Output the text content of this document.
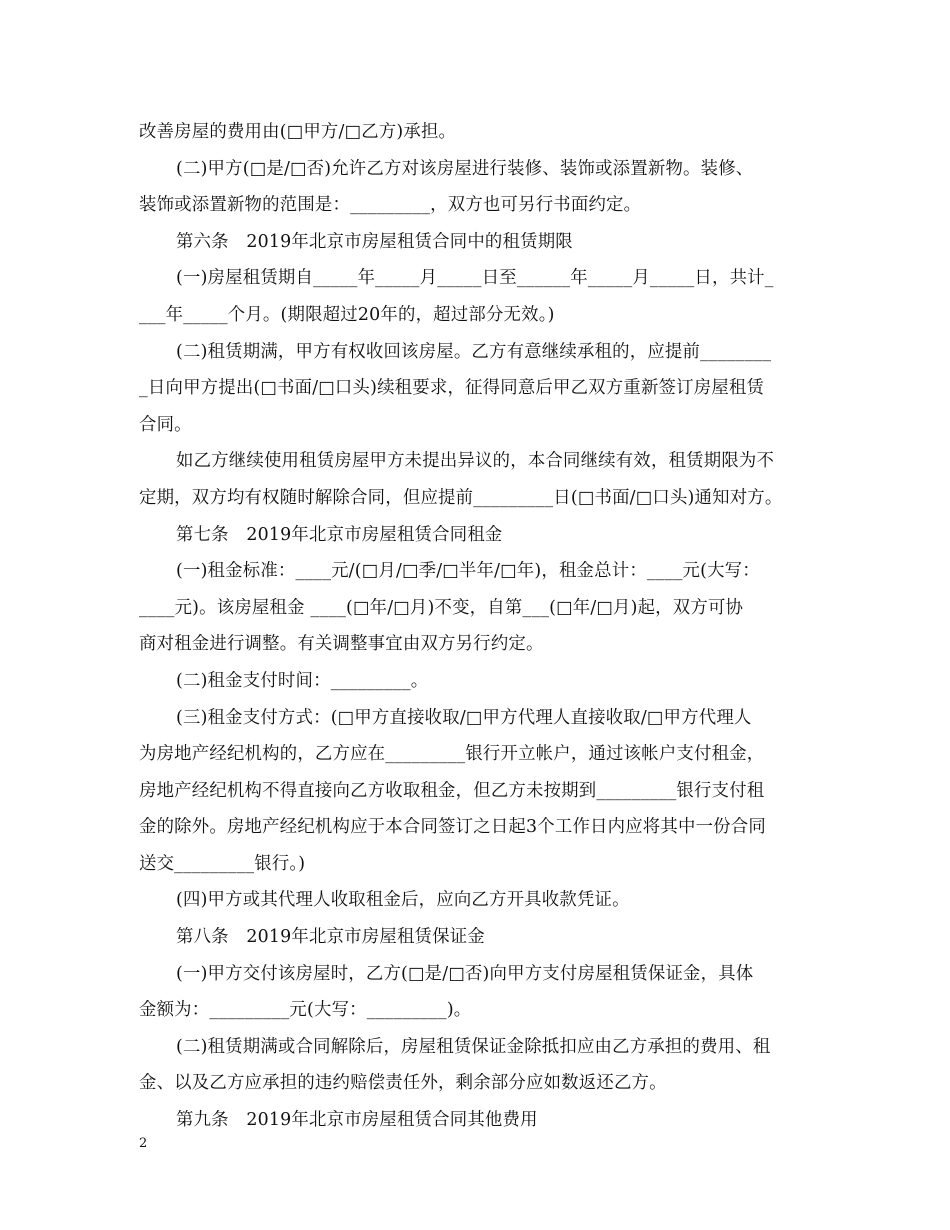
改善房屋的费用由(□甲方/□乙方)承担。
(二)甲方(□是/□否)允许乙方对该房屋进行装修、装饰或添置新物。装修、
装饰或添置新物的范围是：_________，双方也可另行书面约定。
第六条　2019年北京市房屋租赁合同中的租赁期限
(一)房屋租赁期自_____年_____月_____日至______年_____月_____日，共计_
___年_____个月。(期限超过20年的，超过部分无效。)
(二)租赁期满，甲方有权收回该房屋。乙方有意继续承租的，应提前________
_日向甲方提出(□书面/□口头)续租要求，征得同意后甲乙双方重新签订房屋租赁
合同。
如乙方继续使用租赁房屋甲方未提出异议的，本合同继续有效，租赁期限为不
定期，双方均有权随时解除合同，但应提前_________日(□书面/□口头)通知对方。
第七条　2019年北京市房屋租赁合同租金
(一)租金标准：____元/(□月/□季/□半年/□年)，租金总计：____元(大写：
____元)。该房屋租金 ____(□年/□月)不变，自第___(□年/□月)起，双方可协
商对租金进行调整。有关调整事宜由双方另行约定。
(二)租金支付时间：_________。
(三)租金支付方式：(□甲方直接收取/□甲方代理人直接收取/□甲方代理人
为房地产经纪机构的，乙方应在_________银行开立帐户，通过该帐户支付租金，
房地产经纪机构不得直接向乙方收取租金，但乙方未按期到_________银行支付租
金的除外。房地产经纪机构应于本合同签订之日起3个工作日内应将其中一份合同
送交_________银行。)
(四)甲方或其代理人收取租金后，应向乙方开具收款凭证。
第八条　2019年北京市房屋租赁保证金
(一)甲方交付该房屋时，乙方(□是/□否)向甲方支付房屋租赁保证金，具体
金额为：_________元(大写：_________)。
(二)租赁期满或合同解除后，房屋租赁保证金除抵扣应由乙方承担的费用、租
金、以及乙方应承担的违约赔偿责任外，剩余部分应如数返还乙方。
第九条　2019年北京市房屋租赁合同其他费用
2
